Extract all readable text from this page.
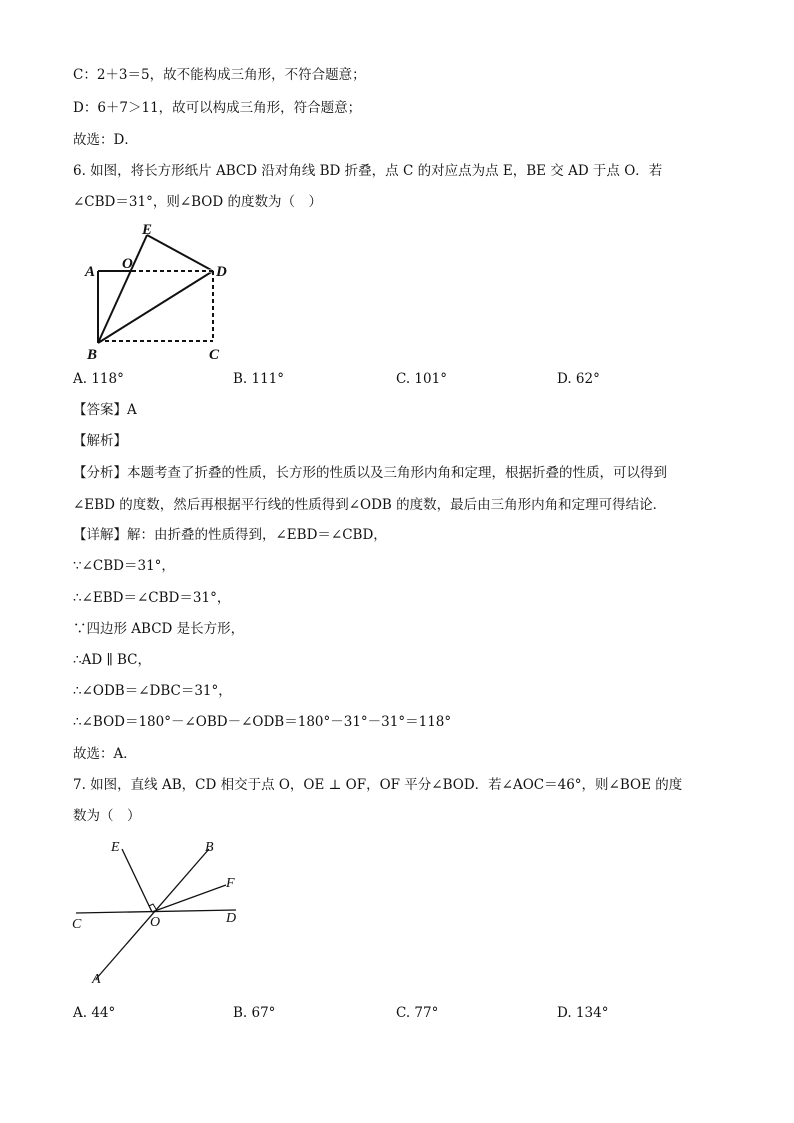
C：2＋3＝5，故不能构成三角形，不符合题意；
D：6＋7＞11，故可以构成三角形，符合题意；
故选：D．
6. 如图，将长方形纸片 ABCD 沿对角线 BD 折叠，点 C 的对应点为点 E，BE 交 AD 于点 O．若
∠CBD＝31°，则∠BOD 的度数为（　）
A O
E
D
B	C
A. 118°	B. 111°	C. 101°	D. 62°
【答案】A
【解析】
【分析】本题考查了折叠的性质，长方形的性质以及三角形内角和定理，根据折叠的性质，可以得到
∠EBD 的度数，然后再根据平行线的性质得到∠ODB 的度数，最后由三角形内角和定理可得结论．
【详解】解：由折叠的性质得到，∠EBD＝∠CBD，
∵∠CBD＝31°，
∴∠EBD＝∠CBD＝31°，
∵四边形 ABCD 是长方形，
∴AD ∥ BC，
∴∠ODB＝∠DBC＝31°，
∴∠BOD＝180°－∠OBD－∠ODB＝180°－31°－31°＝118°
故选：A．
7. 如图，直线 AB，CD 相交于点 O，OE ⊥ OF，OF 平分∠BOD．若∠AOC＝46°，则∠BOE 的度
数为（　）
E	B
F
C	O	D
A
A. 44°	B. 67°	C. 77°	D. 134°
